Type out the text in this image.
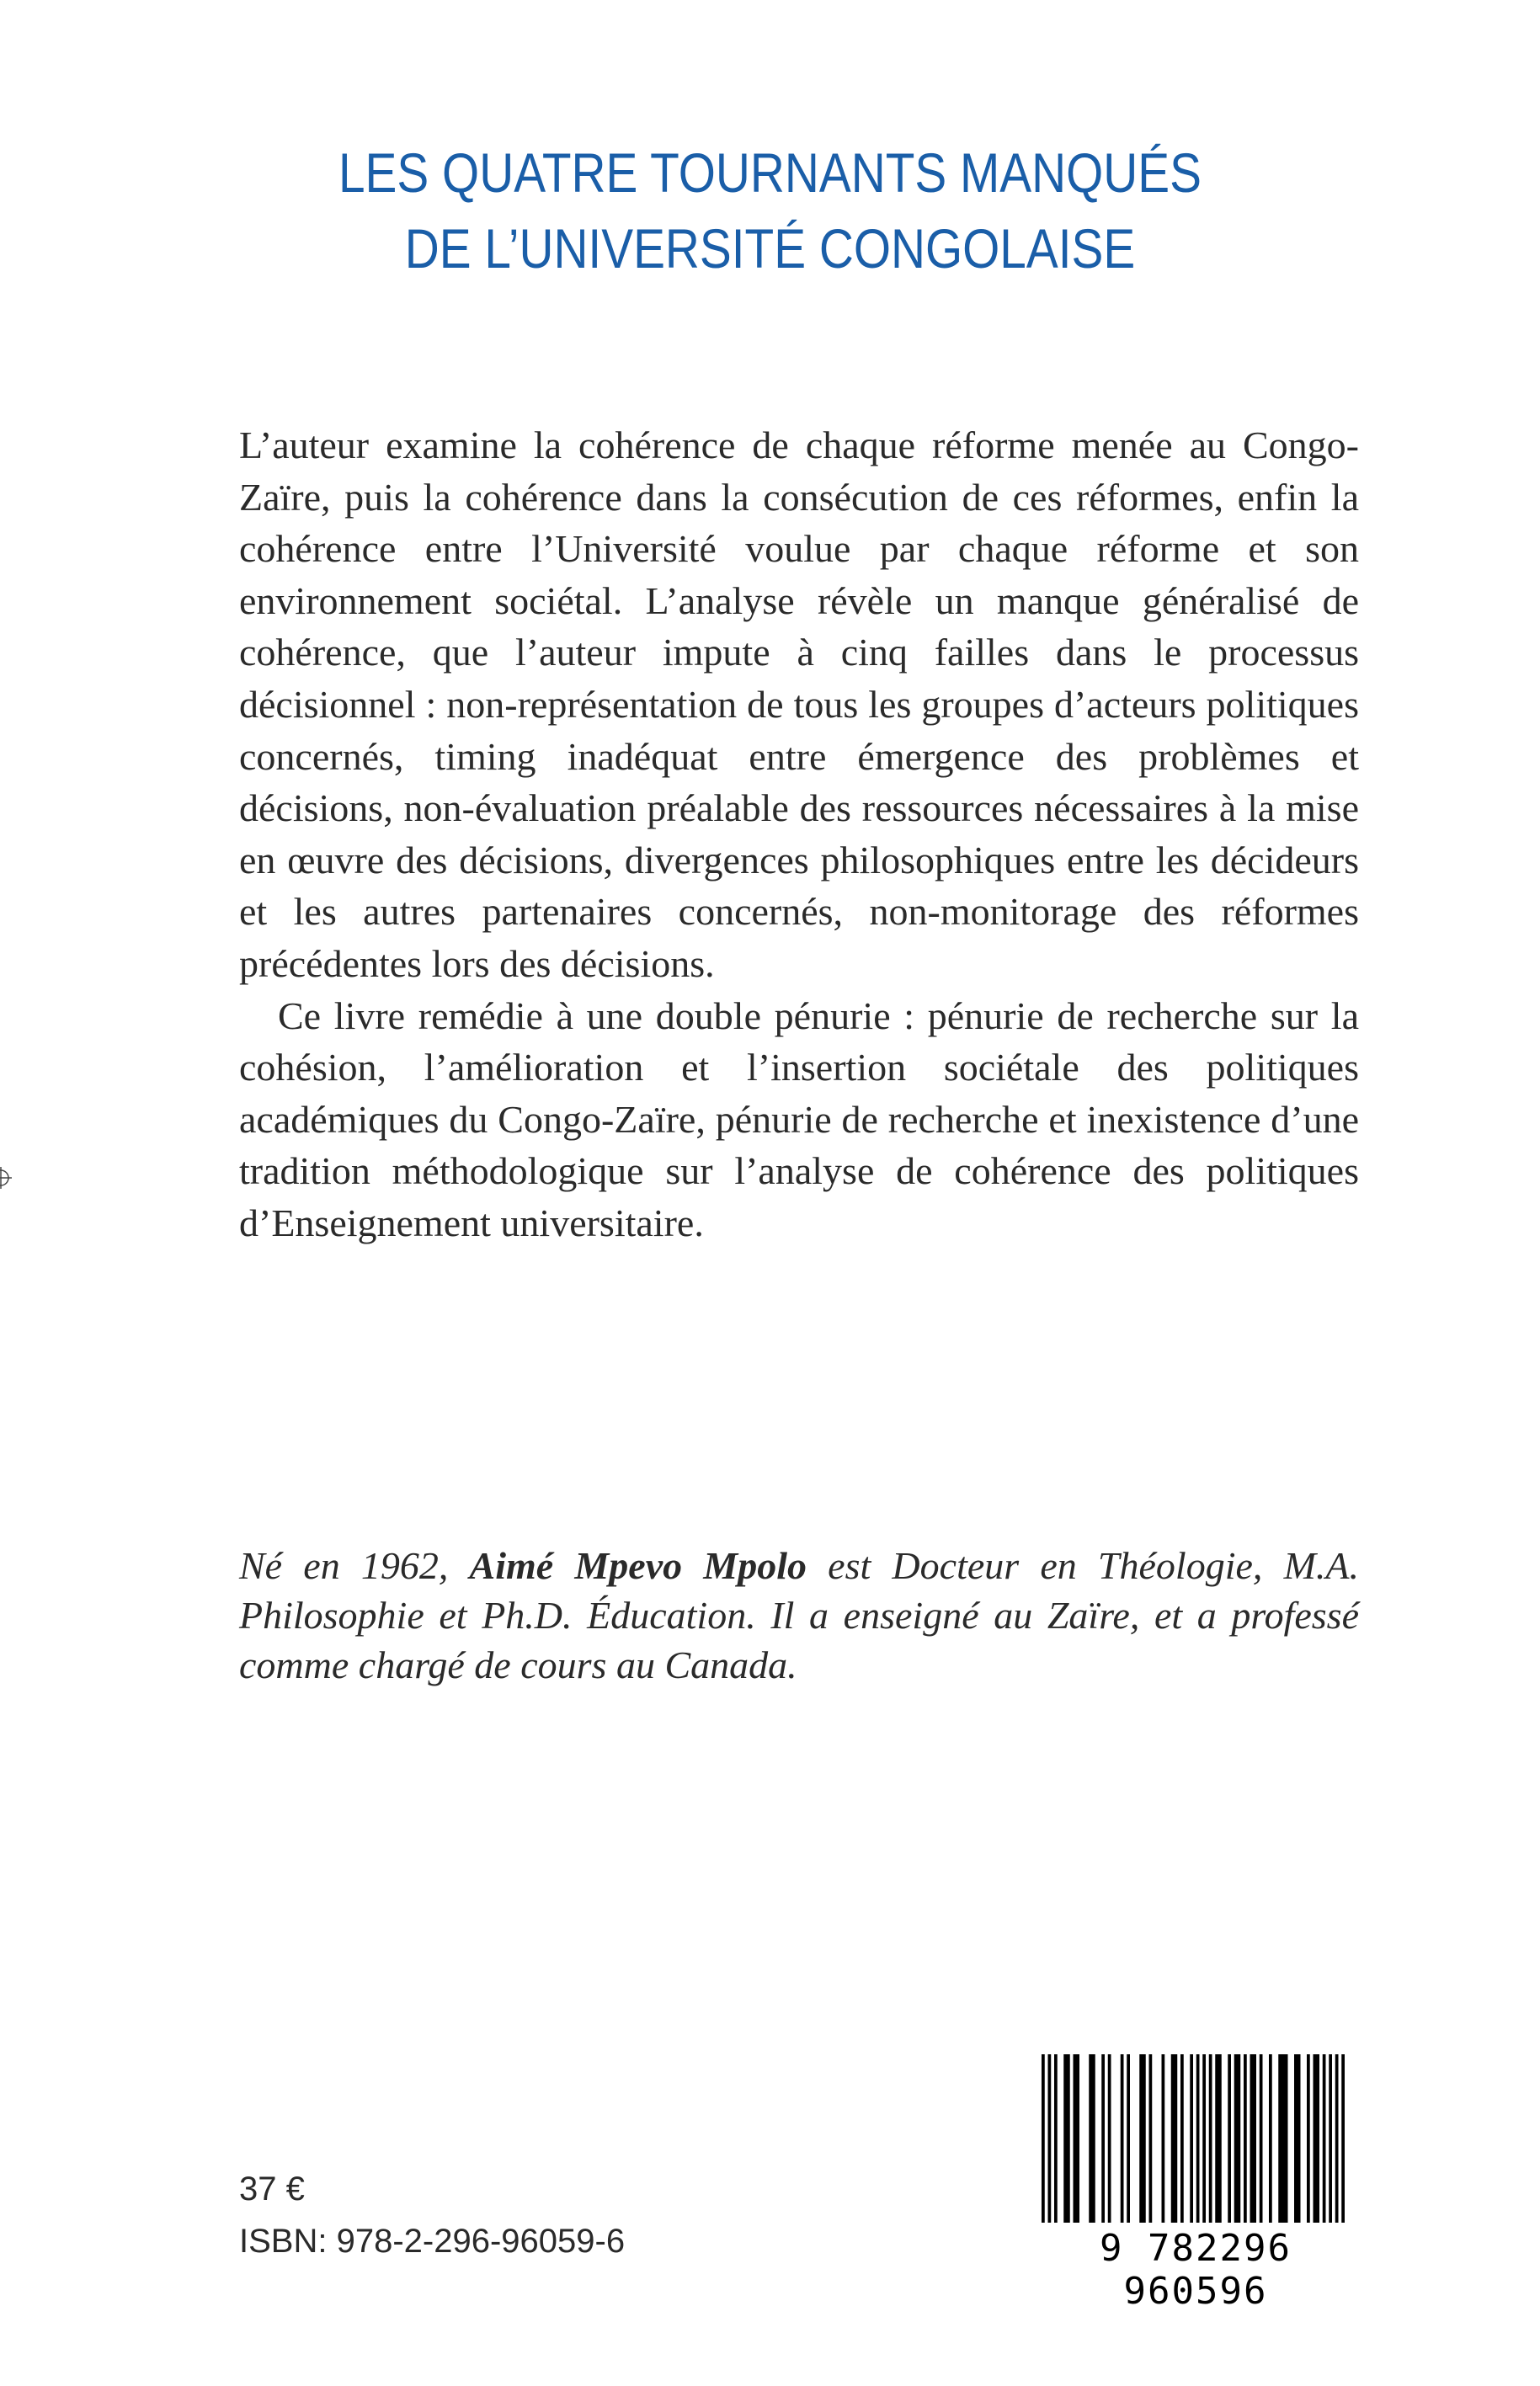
LES QUATRE TOURNANTS MANQUÉS
DE L’UNIVERSITÉ CONGOLAISE

L’auteur examine la cohérence de chaque réforme menée au Congo-Zaïre, puis la cohérence dans la consécution de ces réformes, enfin la cohérence entre l’Université voulue par chaque réforme et son environnement sociétal. L’analyse révèle un manque généralisé de cohérence, que l’auteur impute à cinq failles dans le processus décisionnel : non-représentation de tous les groupes d’acteurs politiques concernés, timing inadéquat entre émergence des problèmes et décisions, non-évaluation préalable des ressources nécessaires à la mise en œuvre des décisions, divergences philosophiques entre les décideurs et les autres partenaires concernés, non-monitorage des réformes précédentes lors des décisions.

Ce livre remédie à une double pénurie : pénurie de recherche sur la cohésion, l’amélioration et l’insertion sociétale des politiques académiques du Congo-Zaïre, pénurie de recherche et inexistence d’une tradition méthodologique sur l’analyse de cohérence des politiques d’Enseignement universitaire.

Né en 1962, Aimé Mpevo Mpolo est Docteur en Théologie, M.A. Philosophie et Ph.D. Éducation. Il a enseigné au Zaïre, et a professé comme chargé de cours au Canada.
37 €
ISBN: 978-2-296-96059-6	9 782296 960596
